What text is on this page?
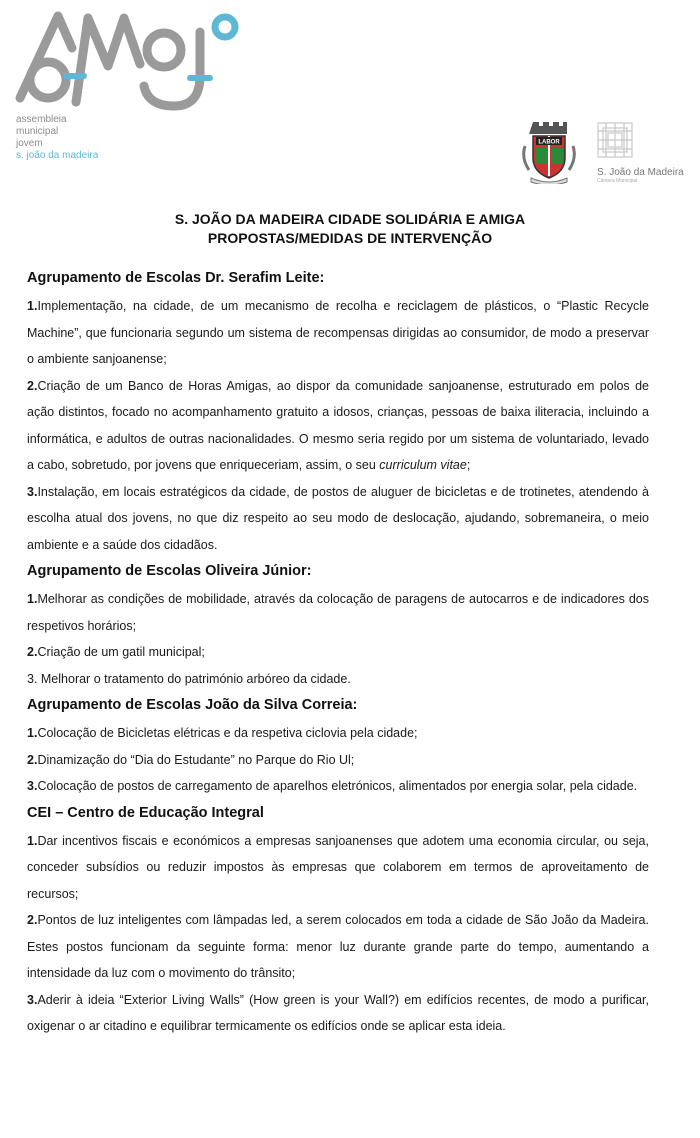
assembleia
municipal
jovem
s. joão da madeira
LABOR
S. João da Madeira
Câmara Municipal
S. JOÃO DA MADEIRA CIDADE SOLIDÁRIA E AMIGA
PROPOSTAS/MEDIDAS DE INTERVENÇÃO
Agrupamento de Escolas Dr. Serafim Leite:

1.Implementação, na cidade, de um mecanismo de recolha e reciclagem de plásticos, o “Plastic Recycle Machine”, que funcionaria segundo um sistema de recompensas dirigidas ao consumidor, de modo a preservar o ambiente sanjoanense;

2.Criação de um Banco de Horas Amigas, ao dispor da comunidade sanjoanense, estruturado em polos de ação distintos, focado no acompanhamento gratuito a idosos, crianças, pessoas de baixa iliteracia, incluindo a informática, e adultos de outras nacionalidades. O mesmo seria regido por um sistema de voluntariado, levado a cabo, sobretudo, por jovens que enriqueceriam, assim, o seu curriculum vitae;

3.Instalação, em locais estratégicos da cidade, de postos de aluguer de bicicletas e de trotinetes, atendendo à escolha atual dos jovens, no que diz respeito ao seu modo de deslocação, ajudando, sobremaneira, o meio ambiente e a saúde dos cidadãos.

Agrupamento de Escolas Oliveira Júnior:

1.Melhorar as condições de mobilidade, através da colocação de paragens de autocarros e de indicadores dos respetivos horários;

2.Criação de um gatil municipal;

3. Melhorar o tratamento do património arbóreo da cidade.

Agrupamento de Escolas João da Silva Correia:

1.Colocação de Bicicletas elétricas e da respetiva ciclovia pela cidade;

2.Dinamização do “Dia do Estudante” no Parque do Rio Ul;

3.Colocação de postos de carregamento de aparelhos eletrónicos, alimentados por energia solar, pela cidade.

CEI – Centro de Educação Integral

1.Dar incentivos fiscais e económicos a empresas sanjoanenses que adotem uma economia circular, ou seja, conceder subsídios ou reduzir impostos às empresas que colaborem em termos de aproveitamento de recursos;

2.Pontos de luz inteligentes com lâmpadas led, a serem colocados em toda a cidade de São João da Madeira. Estes postos funcionam da seguinte forma: menor luz durante grande parte do tempo, aumentando a intensidade da luz com o movimento do trânsito;

3.Aderir à ideia “Exterior Living Walls” (How green is your Wall?) em edifícios recentes, de modo a purificar, oxigenar o ar citadino e equilibrar termicamente os edifícios onde se aplicar esta ideia.
